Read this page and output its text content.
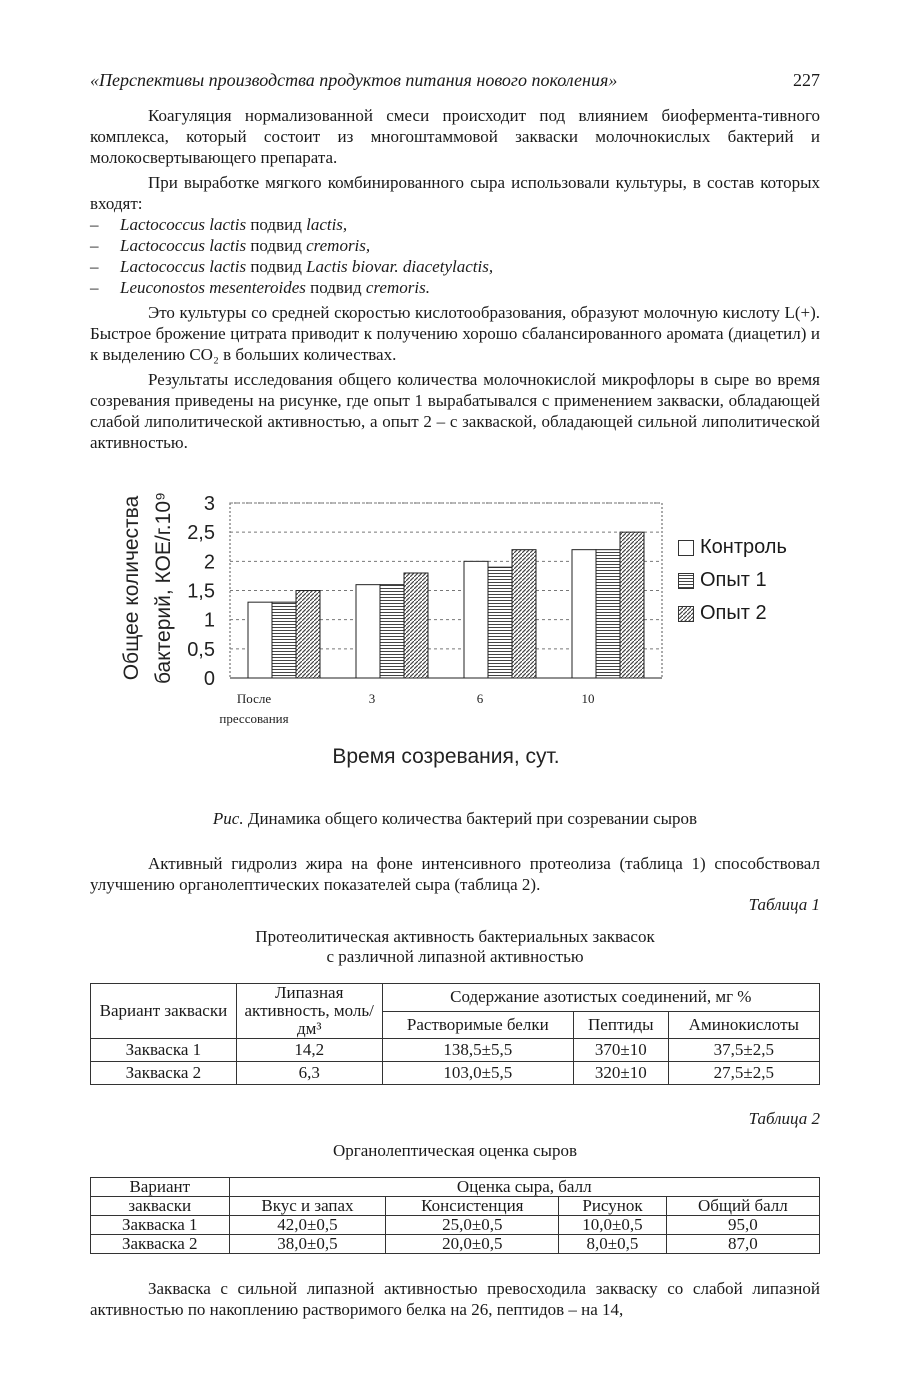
«Перспективы производства продуктов питания нового поколения»	227

Коагуляция нормализованной смеси происходит под влиянием биофермента-тивного комплекса, который состоит из многоштаммовой закваски молочнокислых бактерий и молокосвертывающего препарата.

При выработке мягкого комбинированного сыра использовали культуры, в состав которых входят:

– Lactococcus lactis подвид lactis,
– Lactococcus lactis подвид cremoris,
– Lactococcus lactis подвид Lactis biovar. diacetylactis,
– Leuconostos mesenteroides подвид cremoris.

Это культуры со средней скоростью кислотообразования, образуют молочную кислоту L(+). Быстрое брожение цитрата приводит к получению хорошо сбалансированного аромата (диацетил) и к выделению CO₂ в больших количествах.

Результаты исследования общего количества молочнокислой микрофлоры в сыре во время созревания приведены на рисунке, где опыт 1 вырабатывался с применением закваски, обладающей слабой липолитической активностью, а опыт 2 – с закваской, обладающей сильной липолитической активностью.

0
0,5
1
1,5
2
2,5
3
После
прессования
3	6	10
Общее количества бактерий, КОЕ/г.10⁹
Время созревания, сут.
Контроль
Опыт 1
Опыт 2
Рис. Динамика общего количества бактерий при созревании сыров

Активный гидролиз жира на фоне интенсивного протеолиза (таблица 1) способствовал улучшению органолептических показателей сыра (таблица 2).

Таблица 1
Протеолитическая активность бактериальных заквасок
с различной липазной активностью
Вариант закваски	Липазная активность, моль/дм³	Содержание азотистых соединений, мг %		
		Растворимые белки	Пептиды	Аминокислоты
Закваска 1	14,2	138,5±5,5	370±10	37,5±2,5
Закваска 2	6,3	103,0±5,5	320±10	27,5±2,5
Таблица 2
Органолептическая оценка сыров
Вариант	Оценка сыра, балл			
закваски	Вкус и запах	Консистенция	Рисунок	Общий балл
Закваска 1	42,0±0,5	25,0±0,5	10,0±0,5	95,0
Закваска 2	38,0±0,5	20,0±0,5	8,0±0,5	87,0

Закваска с сильной липазной активностью превосходила закваску со слабой липазной активностью по накоплению растворимого белка на 26, пептидов – на 14,
